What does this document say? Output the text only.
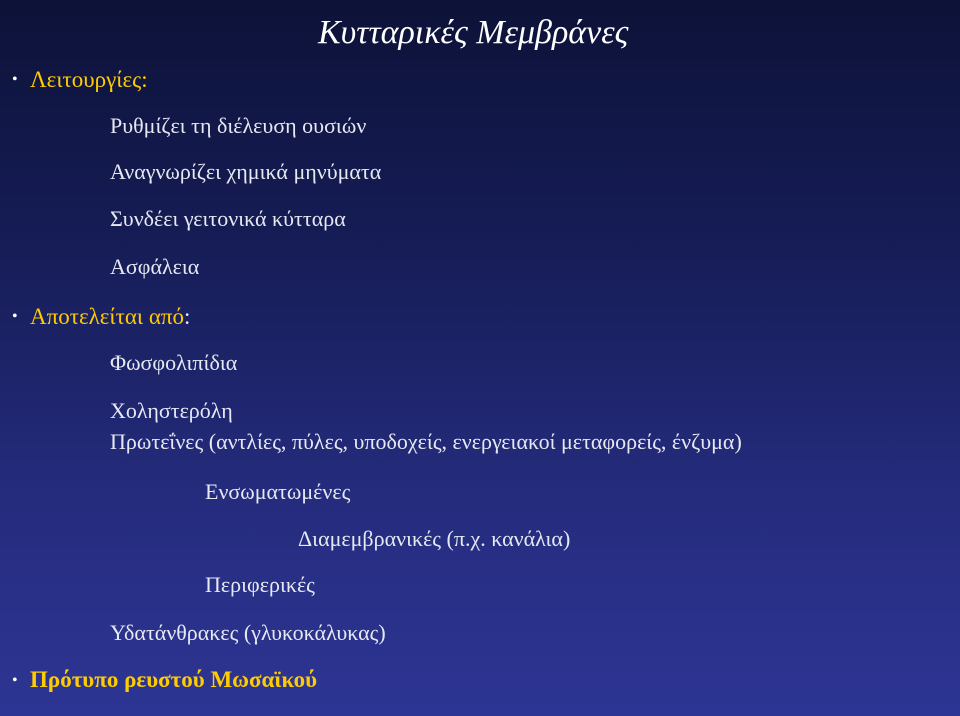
Κυτταρικές Μεμβράνες
• Λειτουργίες:
Ρυθμίζει τη διέλευση ουσιών
Αναγνωρίζει χημικά μηνύματα
Συνδέει γειτονικά κύτταρα
Ασφάλεια
• Αποτελείται από:
Φωσφολιπίδια
Χοληστερόλη
Πρωτεΐνες (αντλίες, πύλες, υποδοχείς, ενεργειακοί μεταφορείς, ένζυμα)
Ενσωματωμένες
Διαμεμβρανικές (π.χ. κανάλια)
Περιφερικές
Υδατάνθρακες (γλυκοκάλυκας)
• Πρότυπο ρευστού Μωσαϊκού
